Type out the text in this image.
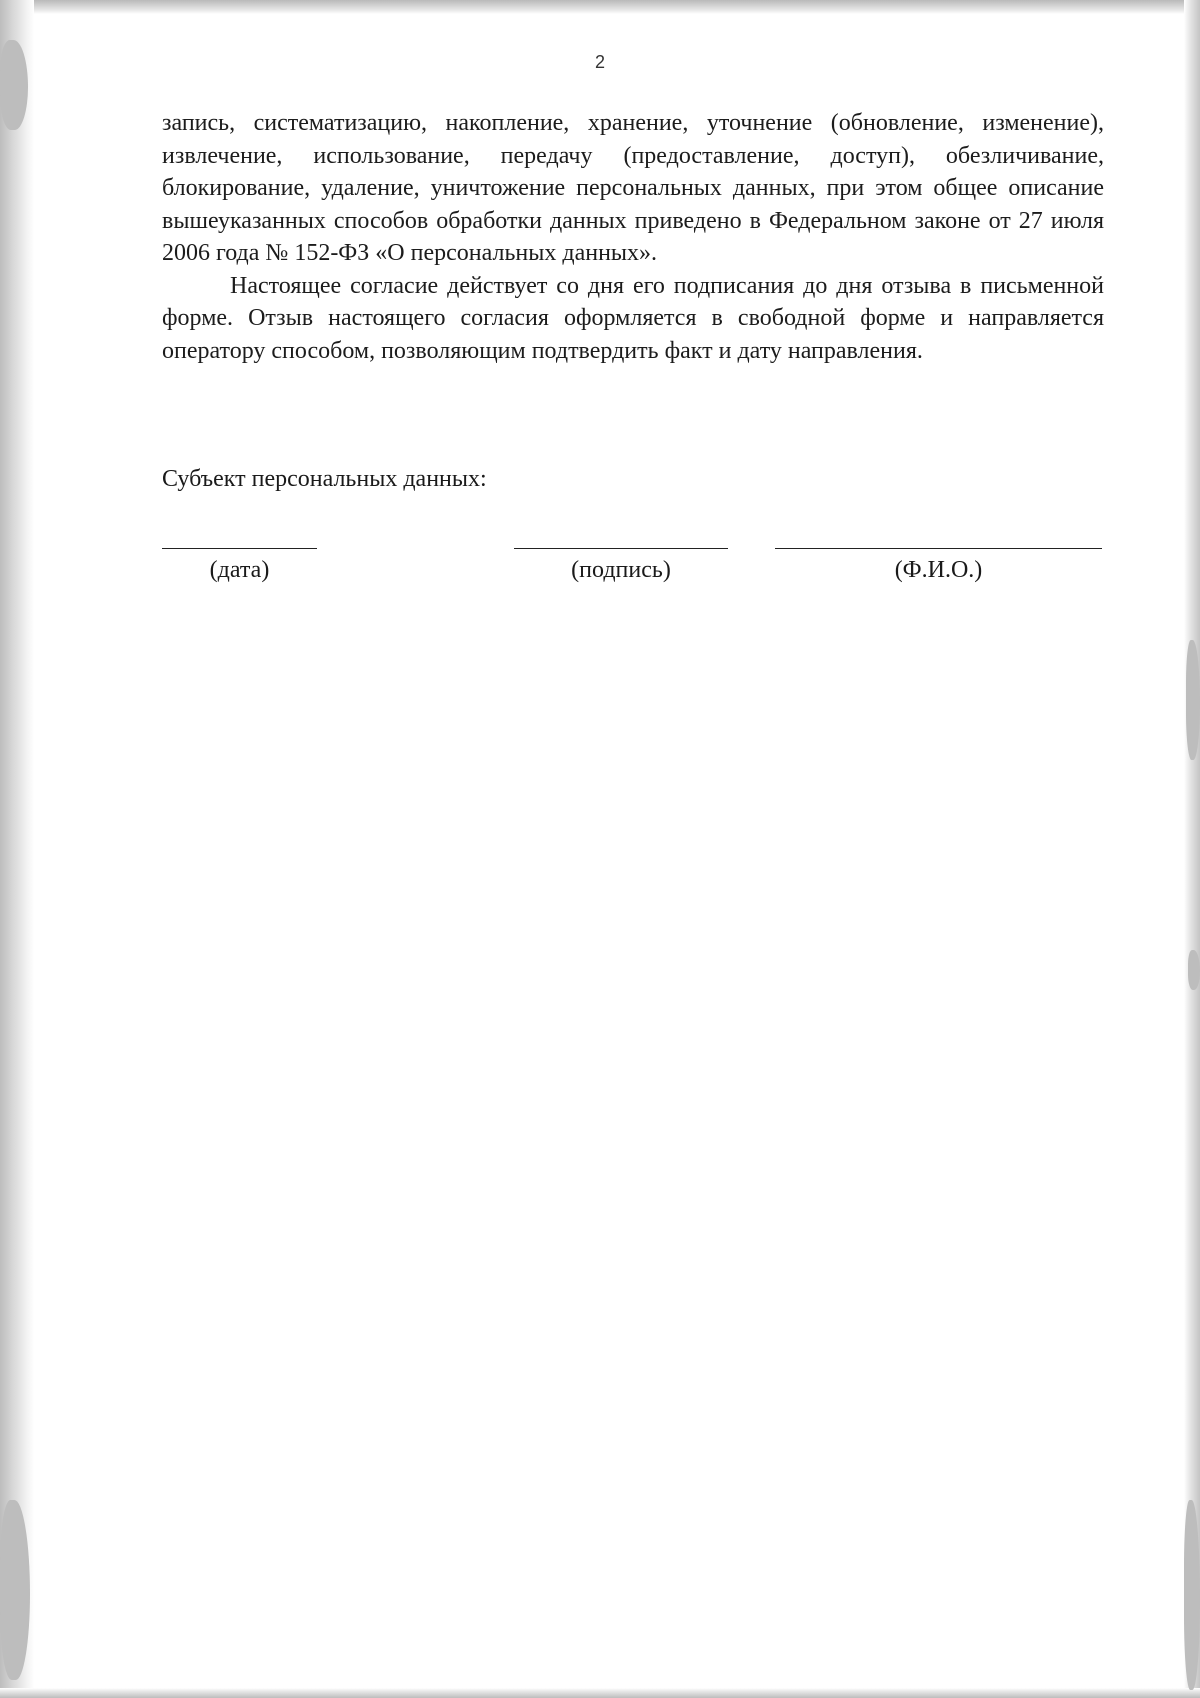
2

запись, систематизацию, накопление, хранение, уточнение (обновление, изменение), извлечение, использование, передачу (предоставление, доступ), обезличивание, блокирование, удаление, уничтожение персональных данных, при этом общее описание вышеуказанных способов обработки данных приведено в Федеральном законе от 27 июля 2006 года № 152-ФЗ «О персональных данных».

Настоящее согласие действует со дня его подписания до дня отзыва в письменной форме. Отзыв настоящего согласия оформляется в свободной форме и направляется оператору способом, позволяющим подтвердить факт и дату направления.

Субъект персональных данных:

(дата)	(подпись)	(Ф.И.О.)
